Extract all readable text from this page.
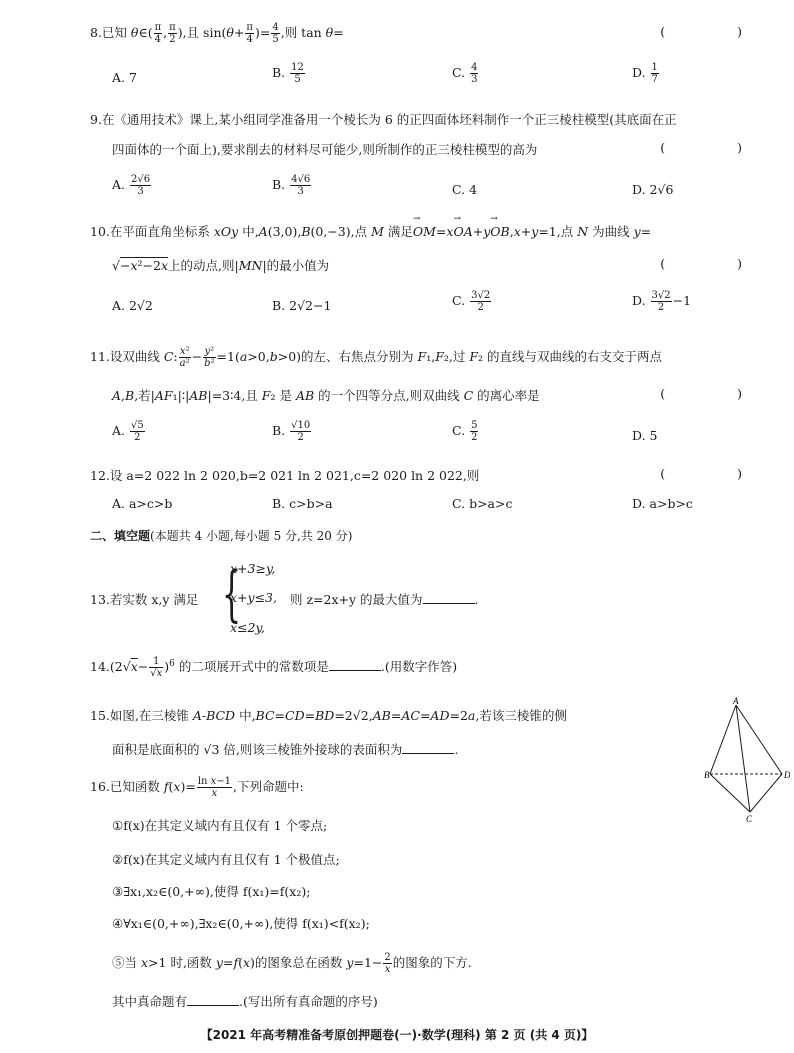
8.已知 θ∈( $\frac{\pi}{4}$ , $\frac{\pi}{2}$ ),且 $\sin(\theta+ \frac{\pi}{4}$ )= $\frac{4}{5}$ ,则 tan θ=	( )
A. 7	B. $\frac{12}{5}$	C. $\frac{4}{3}$	D. $\frac{1}{7}$
9.在《通用技术》课上,某小组同学准备用一个棱长为 6 的正四面体坯料制作一个正三棱柱模型(其底面在正
四面体的一个面上),要求削去的材料尽可能少,则所制作的正三棱柱模型的高为	( )
A. $\frac{2√6}{3}$	B. $\frac{4√6}{3}$	C. 4	D. 2√6
10.在平面直角坐标系 xOy 中,A(3,0),B(0,−3),点 M 满足→ OM=x→ OA+y→ OB,x+y=1,点 N 为曲线 y=
√−x²−2x上的动点,则|MN|的最小值为	( )
A. 2√2	B. 2√2−1	C. $\frac{3√2}{2}$	D. $\frac{3√2}{2} -1$
11.设双曲线 C: $\frac{\text{x²}}{\text{a²}} - \frac{\text{y²}}{\text{b²}} =1(a>0,b>0)$的左、右焦点分别为 F₁,F₂,过 F₂ 的直线与双曲线的右支交于两点
A,B,若|AF₁|∶|AB|=3∶4,且 F₂ 是 AB 的一个四等分点,则双曲线 C 的离心率是	( )
A. $\frac{√5}{2}$	B. $\frac{√10}{2}$	C. $\frac{5}{2}$	D. 5
12.设 a=2 022 ln 2 020,b=2 021 ln 2 021,c=2 020 ln 2 022,则	( )
A. a>c>b	B. c>b>a	C. b>a>c	D. a>b>c
二、填空题(本题共 4 小题,每小题 5 分,共 20 分)
13.若实数 x,y 满足 {
x+3≥y,
x+y≤3,
x≤2y,
则 z=2x+y 的最大值为	.
$14.(2√x- \frac{1}{√x} )^6$ 的二项展开式中的常数项是	.(用数字作答)
15.如图,在三棱锥 A-BCD 中,BC=CD=BD=2√2,AB=AC=AD=2a,若该三棱锥的侧
面积是底面积的 √3 倍,则该三棱锥外接球的表面积为	.
A
B
C
D
16.已知函数 $f(x)= \frac{\text{ln x−1}}{x}$ ,下列命题中:
①f(x)在其定义域内有且仅有 1 个零点;
②f(x)在其定义域内有且仅有 1 个极值点;
③∃x₁,x₂∈(0,+∞),使得 f(x₁)=f(x₂);
④∀x₁∈(0,+∞),∃x₂∈(0,+∞),使得 f(x₁)<f(x₂);
⑤当 x>1 时,函数 y=f(x)的图象总在函数 $y=1- \frac{2}{x}$ 的图象的下方.
其中真命题有	.(写出所有真命题的序号)
【2021 年高考精准备考原创押题卷(一)·数学(理科) 第 2 页 (共 4 页)】
